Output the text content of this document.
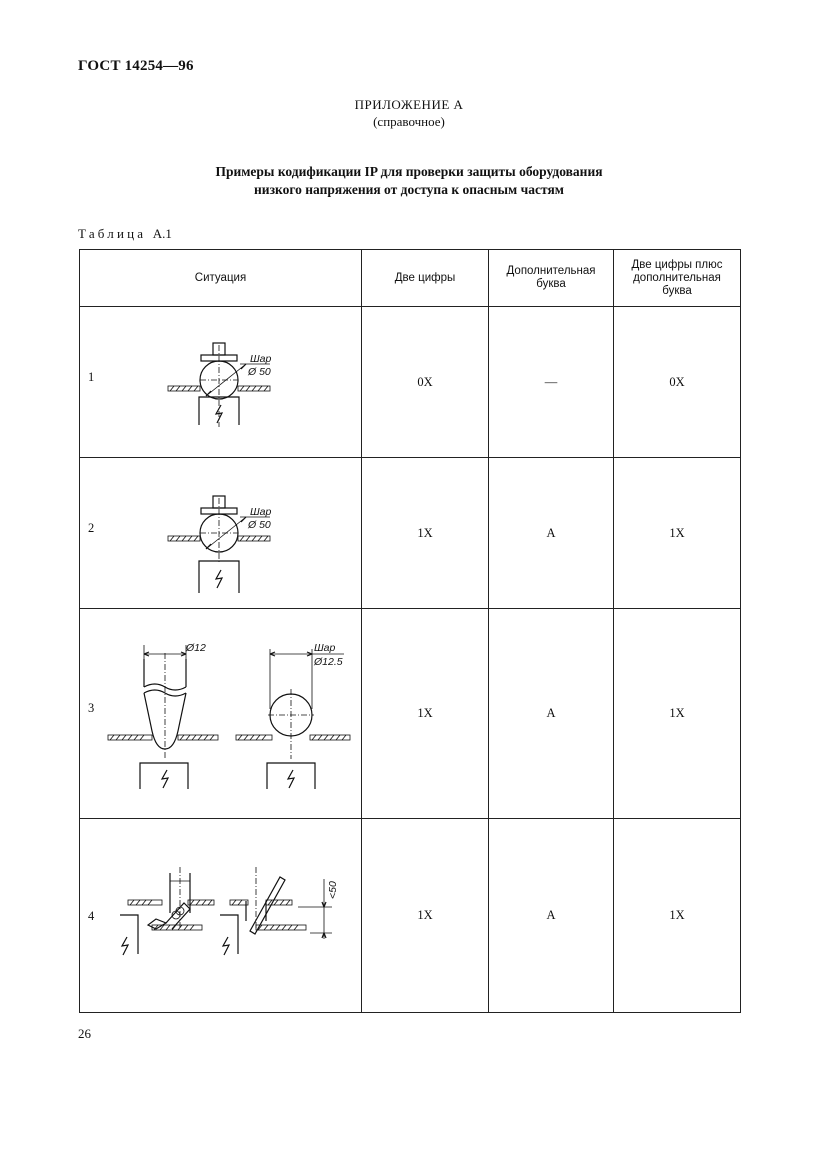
ГОСТ 14254—96
ПРИЛОЖЕНИЕ А
(справочное)
Примеры кодификации IP для проверки защиты оборудования
низкого напряжения от доступа к опасным частям
Таблица А.1
Ситуация	Две цифры	Дополнительная буква	Две цифры плюс дополнительная буква

1
Шар
Ø 50	0X	—	0X

2
Шар
Ø 50	1X	A	1X

3
Ø12 Шар
Ø12.5	1X	A	1X

4
<50	1X	A	1X
26
